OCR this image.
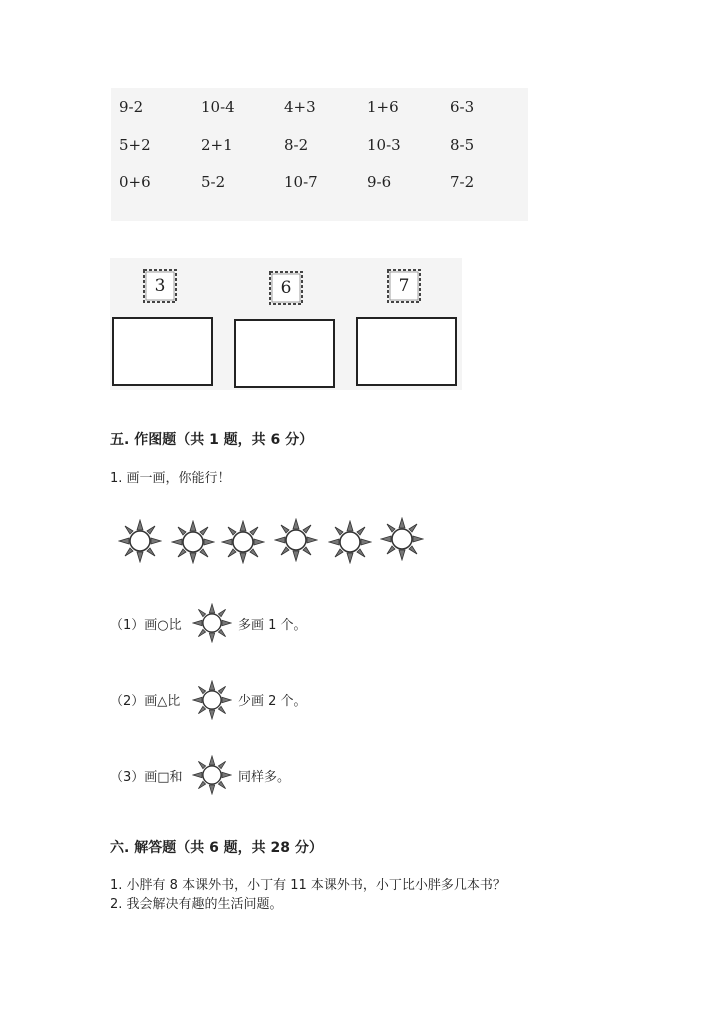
9-2	10-4	4+3	1+6	6-3
5+2	2+1	8-2	10-3	8-5
0+6	5-2	10-7	9-6	7-2
3	6	7
五. 作图题（共 1 题，共 6 分）
1. 画一画，你能行！
（1）画○比	多画 1 个。
（2）画△比	少画 2 个。
（3）画□和	同样多。
六. 解答题（共 6 题，共 28 分）
1. 小胖有 8 本课外书，小丁有 11 本课外书，小丁比小胖多几本书？
2. 我会解决有趣的生活问题。
